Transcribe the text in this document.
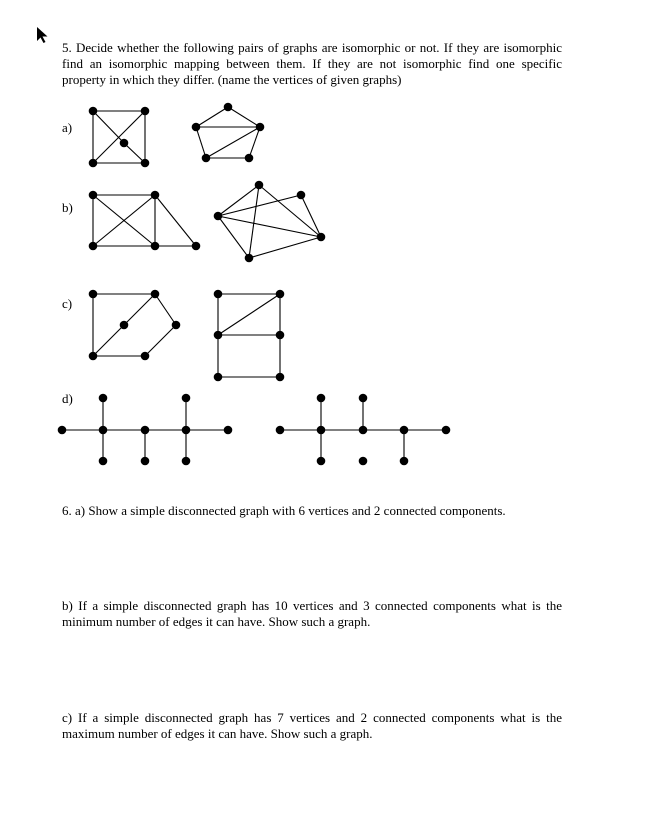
5. Decide whether the following pairs of graphs are isomorphic or not. If they are isomorphic find an isomorphic mapping between them. If they are not isomorphic find one specific property in which they differ. (name the vertices of given graphs)
a)
b)
c)
d)
6. a) Show a simple disconnected graph with 6 vertices and 2 connected components.
b) If a simple disconnected graph has 10 vertices and 3 connected components what is the minimum number of edges it can have. Show such a graph.
c) If a simple disconnected graph has 7 vertices and 2 connected components what is the maximum number of edges it can have. Show such a graph.
